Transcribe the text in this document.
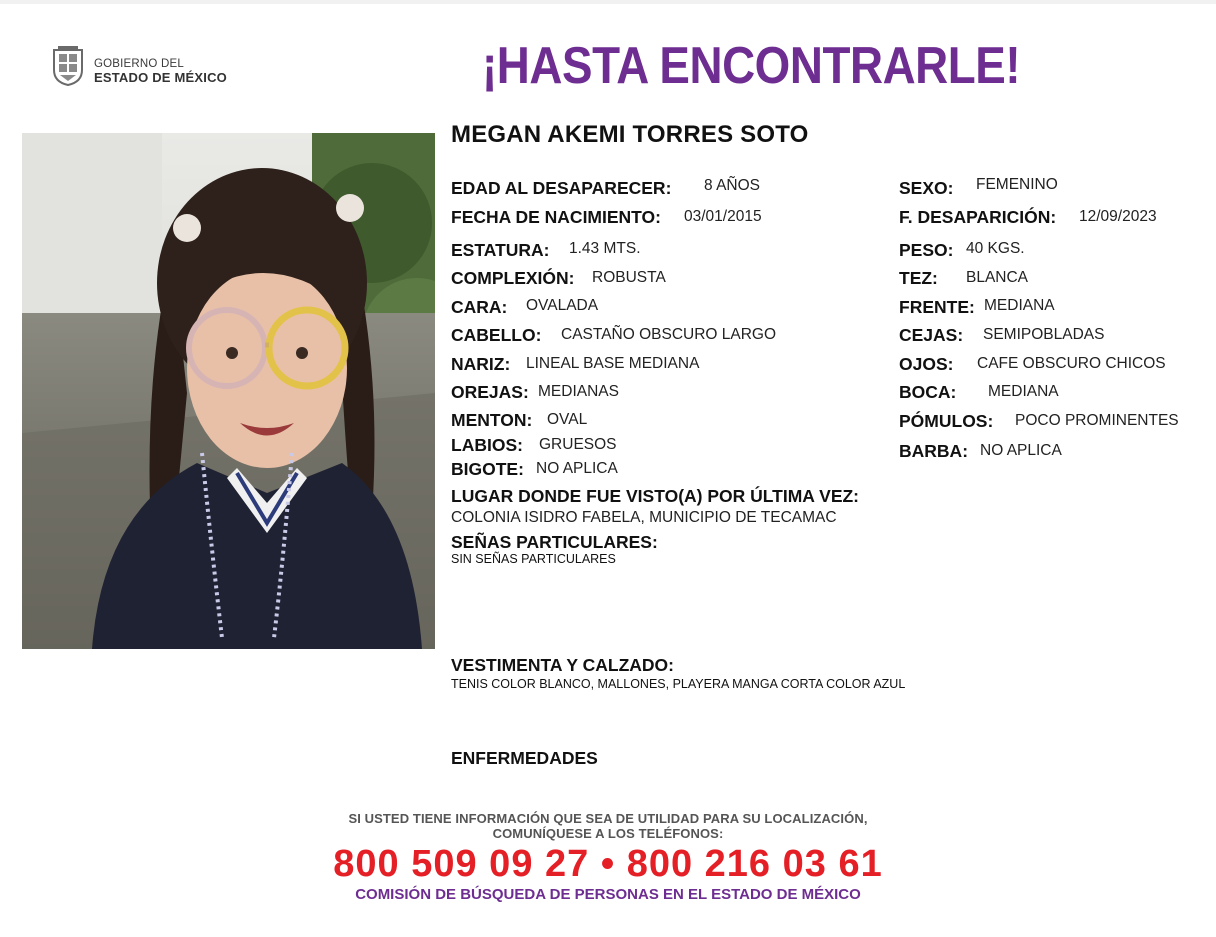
GOBIERNO DEL
ESTADO DE MÉXICO	¡HASTA ENCONTRARLE!
MEGAN AKEMI TORRES SOTO
EDAD AL DESAPARECER: 8 AÑOS
FECHA DE NACIMIENTO: 03/01/2015
ESTATURA: 1.43 MTS.
COMPLEXIÓN: ROBUSTA
CARA: OVALADA
CABELLO: CASTAÑO OBSCURO LARGO
NARIZ: LINEAL BASE MEDIANA
OREJAS: MEDIANAS
MENTON: OVAL
LABIOS: GRUESOS
BIGOTE: NO APLICA
SEXO: FEMENINO
F. DESAPARICIÓN: 12/09/2023
PESO: 40 KGS.
TEZ: BLANCA
FRENTE: MEDIANA
CEJAS: SEMIPOBLADAS
OJOS: CAFE OBSCURO CHICOS
BOCA: MEDIANA
PÓMULOS: POCO PROMINENTES
BARBA: NO APLICA
LUGAR DONDE FUE VISTO(A) POR ÚLTIMA VEZ:
COLONIA ISIDRO FABELA, MUNICIPIO DE TECAMAC
SEÑAS PARTICULARES:
SIN SEÑAS PARTICULARES
VESTIMENTA Y CALZADO:
TENIS COLOR BLANCO, MALLONES, PLAYERA MANGA CORTA COLOR AZUL
ENFERMEDADES
SI USTED TIENE INFORMACIÓN QUE SEA DE UTILIDAD PARA SU LOCALIZACIÓN,
COMUNÍQUESE A LOS TELÉFONOS:
800 509 09 27 • 800 216 03 61
COMISIÓN DE BÚSQUEDA DE PERSONAS EN EL ESTADO DE MÉXICO
